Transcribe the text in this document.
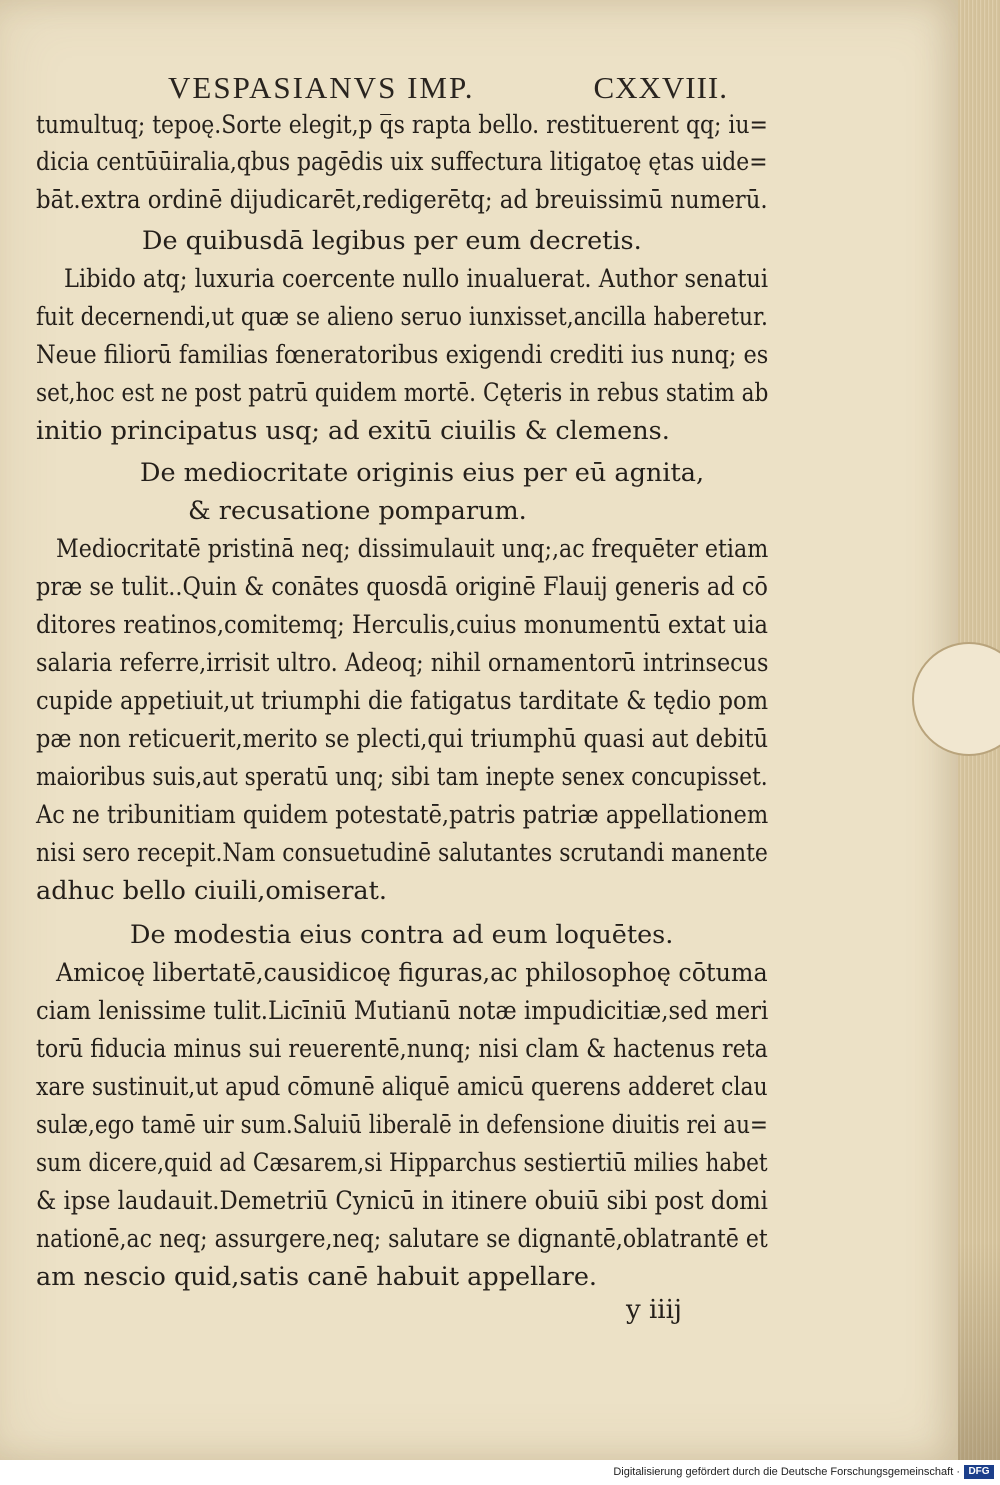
VESPASIANVS IMP.	CXXVIII.
tumultuq; tepoę.Sorte elegit,p q̅s rapta bello. restituerent qq; iu=
dicia centūūiralia,qbus pagēdis uix suffectura litigatoę ętas uide=
bāt.extra ordinē dijudicarēt,redigerētq; ad breuissimū numerū.
De quibusdā legibus per eum decretis.
Libido atq; luxuria coercente nullo inualuerat. Author senatui
fuit decernendi,ut quæ se alieno seruo iunxisset,ancilla haberetur.
Neue filiorū familias fœneratoribus exigendi crediti ius nunq; es
set,hoc est ne post patrū quidem mortē. Cęteris in rebus statim ab
initio principatus usq; ad exitū ciuilis & clemens.
De mediocritate originis eius per eū agnita,
& recusatione pomparum.
Mediocritatē pristinā neq; dissimulauit unq;,ac frequēter etiam
præ se tulit..Quin & conātes quosdā originē Flauij generis ad cō
ditores reatinos,comitemq; Herculis,cuius monumentū extat uia
salaria referre,irrisit ultro. Adeoq; nihil ornamentorū intrinsecus
cupide appetiuit,ut triumphi die fatigatus tarditate & tędio pom
pæ non reticuerit,merito se plecti,qui triumphū quasi aut debitū
maioribus suis,aut speratū unq; sibi tam inepte senex concupisset.
Ac ne tribunitiam quidem potestatē,patris patriæ appellationem
nisi sero recepit.Nam consuetudinē salutantes scrutandi manente
adhuc bello ciuili,omiserat.
De modestia eius contra ad eum loquētes.
Amicoę libertatē,causidicoę figuras,ac philosophoę cōtuma
ciam lenissime tulit.Licīniū Mutianū notæ impudicitiæ,sed meri
torū fiducia minus sui reuerentē,nunq; nisi clam & hactenus reta
xare sustinuit,ut apud cōmunē aliquē amicū querens adderet clau
sulæ,ego tamē uir sum.Saluiū liberalē in defensione diuitis rei au=
sum dicere,quid ad Cæsarem,si Hipparchus sestiertiū milies habet
& ipse laudauit.Demetriū Cynicū in itinere obuiū sibi post domi
nationē,ac neq; assurgere,neq; salutare se dignantē,oblatrantē et
am nescio quid,satis canē habuit appellare.
y iiij
Digitalisierung gefördert durch die Deutsche Forschungsgemeinschaft · DFG
